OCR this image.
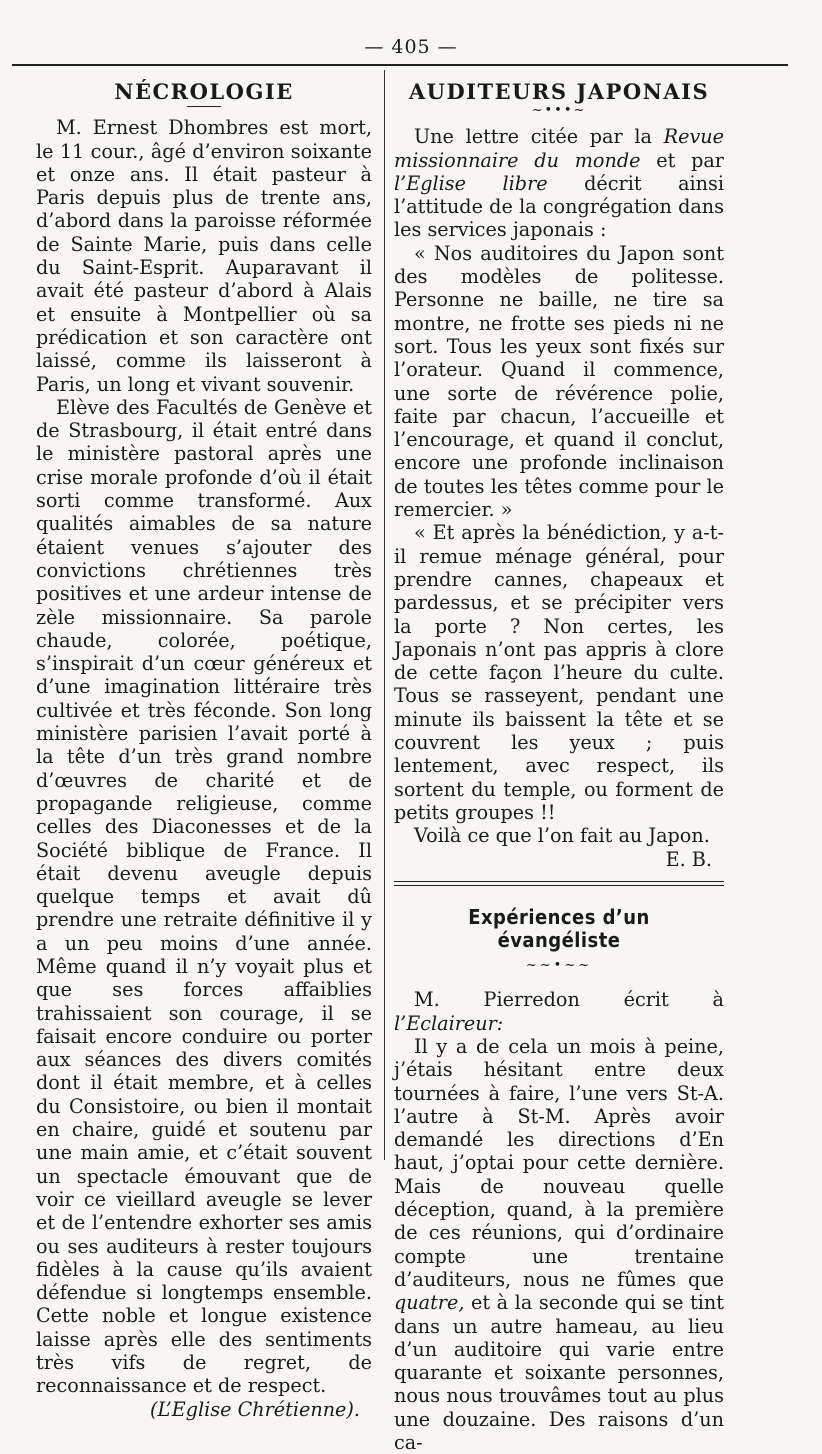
— 405 —
NÉCROLOGIE

M. Ernest Dhombres est mort, le 11 cour., âgé d’environ soixante et onze ans. Il était pasteur à Paris depuis plus de trente ans, d’abord dans la paroisse réformée de Sainte Marie, puis dans celle du Saint-Esprit. Auparavant il avait été pasteur d’abord à Alais et ensuite à Montpellier où sa prédication et son caractère ont laissé, comme ils laisseront à Paris, un long et vivant souvenir.

Elève des Facultés de Genève et de Strasbourg, il était entré dans le ministère pastoral après une crise morale profonde d’où il était sorti comme transformé. Aux qualités aimables de sa nature étaient venues s’ajouter des convictions chrétiennes très positives et une ardeur intense de zèle missionnaire. Sa parole chaude, colorée, poétique, s’inspirait d’un cœur généreux et d’une imagination littéraire très cultivée et très féconde. Son long ministère parisien l’avait porté à la tête d’un très grand nombre d’œuvres de charité et de propagande religieuse, comme celles des Diaconesses et de la Société biblique de France. Il était devenu aveugle depuis quelque temps et avait dû prendre une retraite définitive il y a un peu moins d’une année. Même quand il n’y voyait plus et que ses forces affaiblies trahissaient son courage, il se faisait encore conduire ou porter aux séances des divers comités dont il était membre, et à celles du Consistoire, ou bien il montait en chaire, guidé et soutenu par une main amie, et c’était souvent un spectacle émouvant que de voir ce vieillard aveugle se lever et de l’entendre exhorter ses amis ou ses auditeurs à rester toujours fidèles à la cause qu’ils avaient défendue si longtemps ensemble. Cette noble et longue existence laisse après elle des sentiments très vifs de regret, de reconnaissance et de respect.

(L’Eglise Chrétienne).

AUDITEURS JAPONAIS
~•••~

Une lettre citée par la Revue missionnaire du monde et par l’Eglise libre décrit ainsi l’attitude de la congrégation dans les services japonais :

« Nos auditoires du Japon sont des modèles de politesse. Personne ne baille, ne tire sa montre, ne frotte ses pieds ni ne sort. Tous les yeux sont fixés sur l’orateur. Quand il commence, une sorte de révérence polie, faite par chacun, l’accueille et l’encourage, et quand il conclut, encore une profonde inclinaison de toutes les têtes comme pour le remercier. »

« Et après la bénédiction, y a-t-il remue ménage général, pour prendre cannes, chapeaux et pardessus, et se précipiter vers la porte ? Non certes, les Japonais n’ont pas appris à clore de cette façon l’heure du culte. Tous se rasseyent, pendant une minute ils baissent la tête et se couvrent les yeux ; puis lentement, avec respect, ils sortent du temple, ou forment de petits groupes !!

Voilà ce que l’on fait au Japon.

E. B.

Expériences d’un évangéliste
~~•~~

M. Pierredon écrit à l’Eclaireur:

Il y a de cela un mois à peine, j’étais hésitant entre deux tournées à faire, l’une vers St-A. l’autre à St-M. Après avoir demandé les directions d’En haut, j’optai pour cette dernière. Mais de nouveau quelle déception, quand, à la première de ces réunions, qui d’ordinaire compte une trentaine d’auditeurs, nous ne fûmes que quatre, et à la seconde qui se tint dans un autre hameau, au lieu d’un auditoire qui varie entre quarante et soixante personnes, nous nous trouvâmes tout au plus une douzaine. Des raisons d’un ca-
